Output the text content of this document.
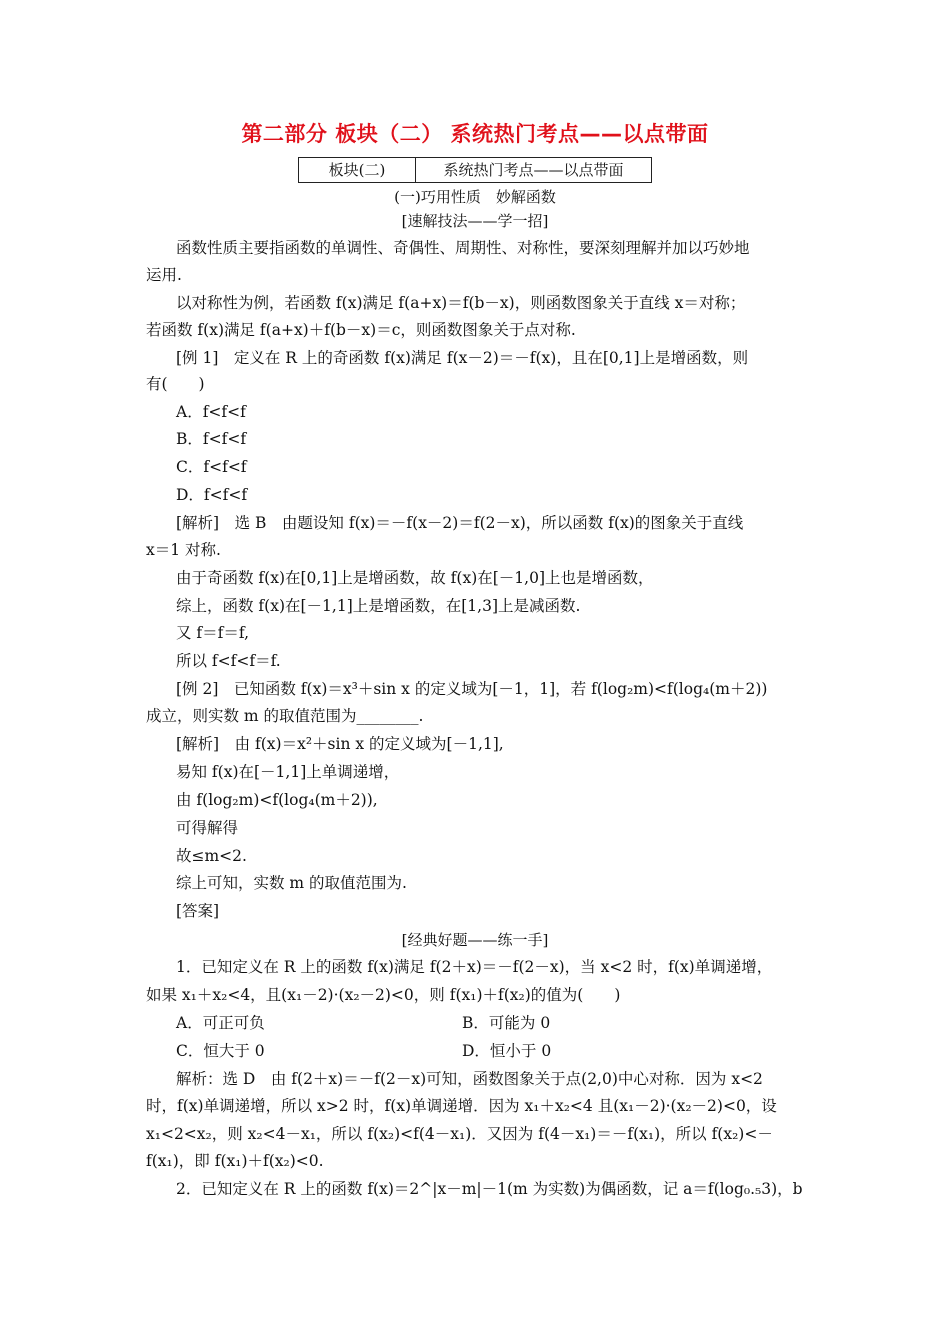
第二部分 板块（二） 系统热门考点——以点带面
板块(二)	系统热门考点——以点带面
(一)巧用性质　妙解函数
[速解技法——学一招]
函数性质主要指函数的单调性、奇偶性、周期性、对称性，要深刻理解并加以巧妙地
运用.
以对称性为例，若函数 f(x)满足 f(a+x)＝f(b－x)，则函数图象关于直线 x＝对称；
若函数 f(x)满足 f(a+x)＋f(b－x)＝c，则函数图象关于点对称.
[例 1]　定义在 R 上的奇函数 f(x)满足 f(x－2)＝－f(x)，且在[0,1]上是增函数，则
有(　　)
A．f<f<f
B．f<f<f
C．f<f<f
D．f<f<f
[解析]　选 B　由题设知 f(x)＝－f(x－2)＝f(2－x)，所以函数 f(x)的图象关于直线
x＝1 对称.
由于奇函数 f(x)在[0,1]上是增函数，故 f(x)在[－1,0]上也是增函数，
综上，函数 f(x)在[－1,1]上是增函数，在[1,3]上是减函数.
又 f＝f＝f,
所以 f<f<f＝f.
[例 2]　已知函数 f(x)＝x³＋sin x 的定义域为[－1，1]，若 f(log₂m)<f(log₄(m＋2))
成立，则实数 m 的取值范围为________.
[解析]　由 f(x)＝x²＋sin x 的定义域为[－1,1],
易知 f(x)在[－1,1]上单调递增，
由 f(log₂m)<f(log₄(m＋2)),
可得解得
故≤m<2.
综上可知，实数 m 的取值范围为.
[答案]
[经典好题——练一手]
1．已知定义在 R 上的函数 f(x)满足 f(2＋x)＝－f(2－x)，当 x<2 时，f(x)单调递增，
如果 x₁＋x₂<4，且(x₁－2)·(x₂－2)<0，则 f(x₁)＋f(x₂)的值为(　　)
A．可正可负	B．可能为 0
C．恒大于 0	D．恒小于 0
解析：选 D　由 f(2＋x)＝－f(2－x)可知，函数图象关于点(2,0)中心对称．因为 x<2
时，f(x)单调递增，所以 x>2 时，f(x)单调递增．因为 x₁＋x₂<4 且(x₁－2)·(x₂－2)<0，设
x₁<2<x₂，则 x₂<4－x₁，所以 f(x₂)<f(4－x₁)．又因为 f(4－x₁)＝－f(x₁)，所以 f(x₂)<－
f(x₁)，即 f(x₁)＋f(x₂)<0.
2．已知定义在 R 上的函数 f(x)＝2^|x－m|－1(m 为实数)为偶函数，记 a＝f(log₀.₅3)，b
